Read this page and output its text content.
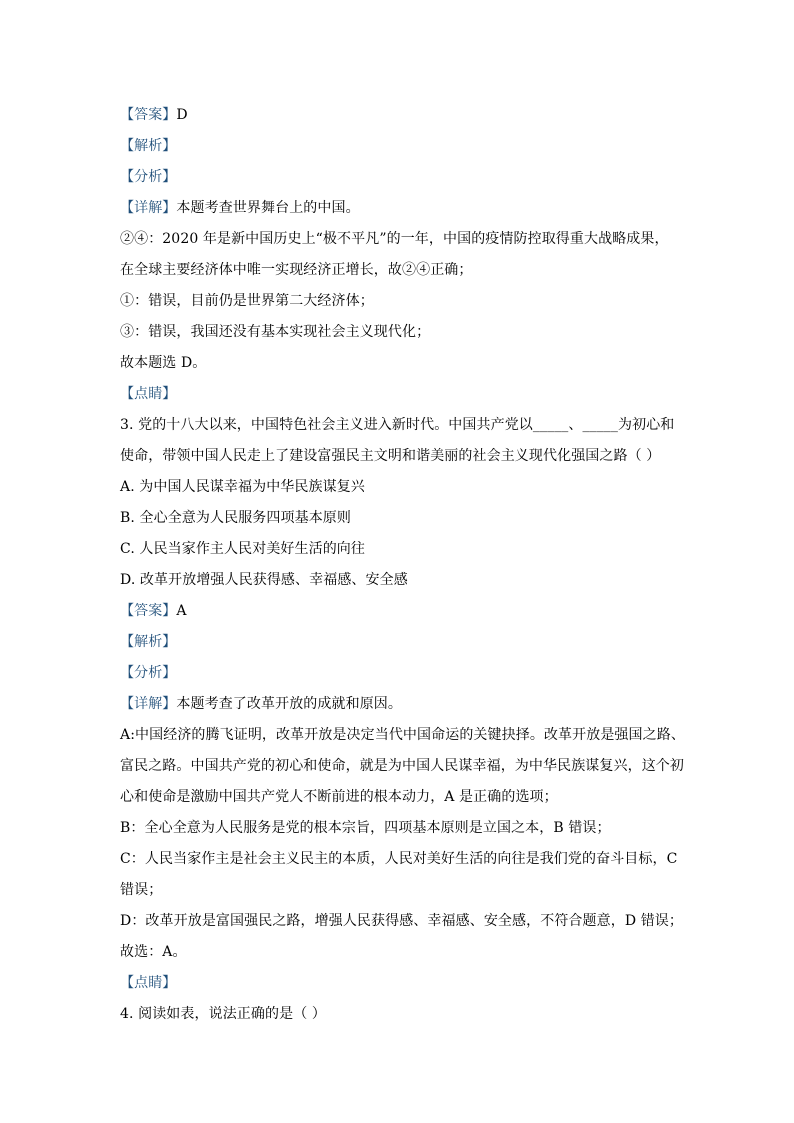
【答案】D
【解析】
【分析】
【详解】本题考查世界舞台上的中国。
②④：2020 年是新中国历史上“极不平凡”的一年，中国的疫情防控取得重大战略成果，
在全球主要经济体中唯一实现经济正增长，故②④正确；
①：错误，目前仍是世界第二大经济体；
③：错误，我国还没有基本实现社会主义现代化；
故本题选 D。
【点睛】
3. 党的十八大以来，中国特色社会主义进入新时代。中国共产党以_____、_____为初心和
使命，带领中国人民走上了建设富强民主文明和谐美丽的社会主义现代化强国之路（ ）
A. 为中国人民谋幸福为中华民族谋复兴
B. 全心全意为人民服务四项基本原则
C. 人民当家作主人民对美好生活的向往
D. 改革开放增强人民获得感、幸福感、安全感
【答案】A
【解析】
【分析】
【详解】本题考查了改革开放的成就和原因。
A:中国经济的腾飞证明，改革开放是决定当代中国命运的关键抉择。改革开放是强国之路、
富民之路。中国共产党的初心和使命，就是为中国人民谋幸福，为中华民族谋复兴，这个初
心和使命是激励中国共产党人不断前进的根本动力，A 是正确的选项；
B：全心全意为人民服务是党的根本宗旨，四项基本原则是立国之本，B 错误；
C：人民当家作主是社会主义民主的本质，人民对美好生活的向往是我们党的奋斗目标，C
错误；
D：改革开放是富国强民之路，增强人民获得感、幸福感、安全感，不符合题意，D 错误；
故选：A。
【点睛】
4. 阅读如表，说法正确的是（ ）
